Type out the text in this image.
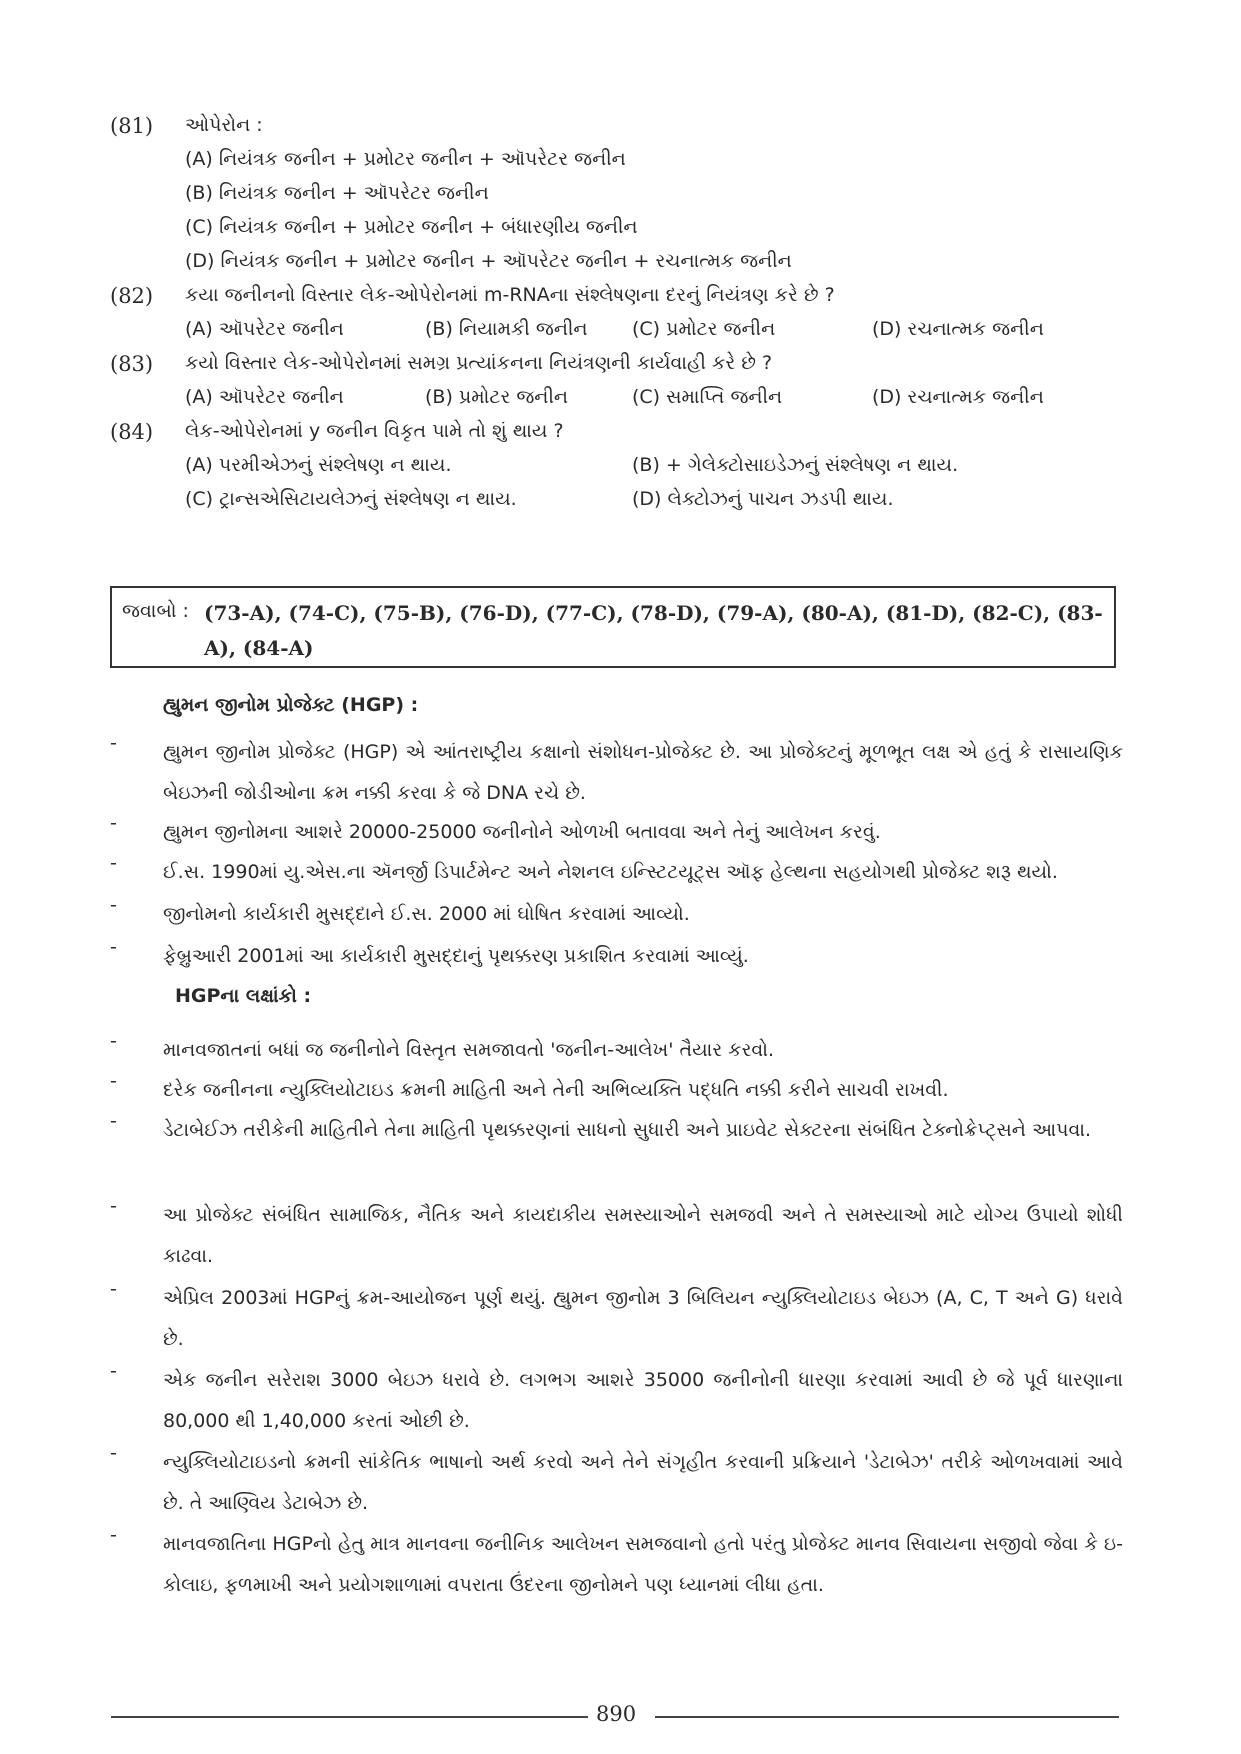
(81) ઓપેરોન :
(A) નિયંત્રક જનીન + પ્રમોટર જનીન + ઑપરેટર જનીન
(B) નિયંત્રક જનીન + ઑપરેટર જનીન
(C) નિયંત્રક જનીન + પ્રમોટર જનીન + બંધારણીય જનીન
(D) નિયંત્રક જનીન + પ્રમોટર જનીન + ઑપરેટર જનીન + રચનાત્મક જનીન
(82) કયા જનીનનો વિસ્તાર લેક-ઓપેરોનમાં m-RNAના સંશ્લેષણના દરનું નિયંત્રણ કરે છે ?
(A) ઑપરેટર જનીન	(B) નિયામકી જનીન (C) પ્રમોટર જનીન	(D) રચનાત્મક જનીન
(83) કયો વિસ્તાર લેક-ઓપેરોનમાં સમગ્ર પ્રત્યાંકનના નિયંત્રણની કાર્યવાહી કરે છે ?
(A) ઑપરેટર જનીન	(B) પ્રમોટર જનીન	(C) સમાપ્તિ જનીન	(D) રચનાત્મક જનીન
(84) લેક-ઓપેરોનમાં y જનીન વિકૃત પામે તો શું થાય ?
(A) પરમીએઝનું સંશ્લેષણ ન થાય.	(B) + ગેલેક્ટોસાઇડેઝનું સંશ્લેષણ ન થાય.
(C) ટ્રાન્સએસિટાયલેઝનું સંશ્લેષણ ન થાય.	(D) લેક્ટોઝનું પાચન ઝડપી થાય.
જવાબો : (73-A), (74-C), (75-B), (76-D), (77-C), (78-D), (79-A), (80-A), (81-D), (82-C), (83-A), (84-A)
હ્યુમન જીનોમ પ્રોજેક્ટ (HGP) :
- હ્યુમન જીનોમ પ્રોજેક્ટ (HGP) એ આંતરાષ્ટ્રીય કક્ષાનો સંશોધન-પ્રોજેક્ટ છે. આ પ્રોજેક્ટનું મૂળભૂત લક્ષ એ હતું કે રાસાયણિક બેઇઝની જોડીઓના ક્રમ નક્કી કરવા કે જે DNA રચે છે.
- હ્યુમન જીનોમના આશરે 20000-25000 જનીનોને ઓળખી બતાવવા અને તેનું આલેખન કરવું.
- ઈ.સ. 1990માં યુ.એસ.ના ઍનર્જી ડિપાર્ટમેન્ટ અને નેશનલ ઇન્સ્ટિટયૂટ્સ ઑફ હેલ્થના સહયોગથી પ્રોજેક્ટ શરૂ થયો.
- જીનોમનો કાર્યકારી મુસદ્દાને ઈ.સ. 2000 માં ઘોષિત કરવામાં આવ્યો.
- ફેબ્રુઆરી 2001માં આ કાર્યકારી મુસદ્દાનું પૃથક્કરણ પ્રકાશિત કરવામાં આવ્યું.
HGPના લક્ષાંકો :
- માનવજાતનાં બધાં જ જનીનોને વિસ્તૃત સમજાવતો 'જનીન-આલેખ' તૈયાર કરવો.
- દરેક જનીનના ન્યુક્લિયોટાઇડ ક્રમની માહિતી અને તેની અભિવ્યક્તિ પદ્ધતિ નક્કી કરીને સાચવી રાખવી.
- ડેટાબેઈઝ તરીકેની માહિતીને તેના માહિતી પૃથક્કરણનાં સાધનો સુધારી અને પ્રાઇવેટ સેક્ટરના સંબંધિત ટેક્નોક્રેપ્ટ્સને આપવા.
- આ પ્રોજેક્ટ સંબંધિત સામાજિક, નૈતિક અને કાયદાકીય સમસ્યાઓને સમજવી અને તે સમસ્યાઓ માટે યોગ્ય ઉપાયો શોધી કાઢવા.
- એપ્રિલ 2003માં HGPનું ક્રમ-આયોજન પૂર્ણ થયું. હ્યુમન જીનોમ 3 બિલિયન ન્યુક્લિયોટાઇડ બેઇઝ (A, C, T અને G) ધરાવે છે.
- એક જનીન સરેરાશ 3000 બેઇઝ ધરાવે છે. લગભગ આશરે 35000 જનીનોની ધારણા કરવામાં આવી છે જે પૂર્વ ધારણાના 80,000 થી 1,40,000 કરતાં ઓછી છે.
- ન્યુક્લિયોટાઇડનો ક્રમની સાંકેતિક ભાષાનો અર્થ કરવો અને તેને સંગૃહીત કરવાની પ્રક્રિયાને 'ડેટાબેઝ' તરીકે ઓળખવામાં આવે છે. તે આણ્વિય ડેટાબેઝ છે.
- માનવજાતિના HGPનો હેતુ માત્ર માનવના જનીનિક આલેખન સમજવાનો હતો પરંતુ પ્રોજેક્ટ માનવ સિવાયના સજીવો જેવા કે ઇ-કોલાઇ, ફળમાખી અને પ્રયોગશાળામાં વપરાતા ઉંદરના જીનોમને પણ ધ્યાનમાં લીધા હતા.
890
